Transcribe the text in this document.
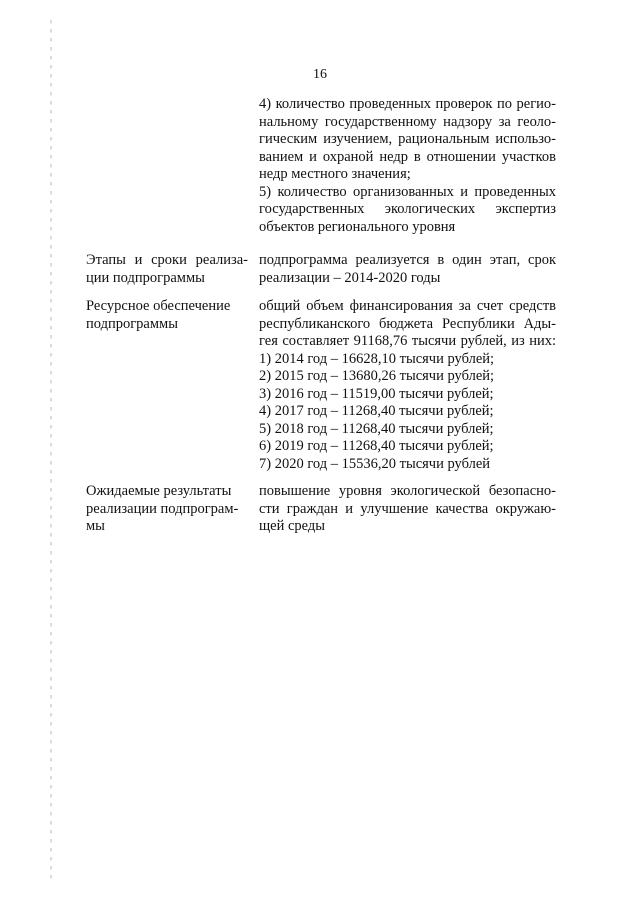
16
4) количество проведенных проверок по регио-
нальному государственному надзору за геоло-
гическим изучением, рациональным использо-
ванием и охраной недр в отношении участков
недр местного значения;
5) количество организованных и проведенных
государственных экологических экспертиз
объектов регионального уровня
Этапы и сроки реализа-
ции подпрограммы
подпрограмма реализуется в один этап, срок
реализации – 2014-2020 годы
Ресурсное обеспечение
подпрограммы
общий объем финансирования за счет средств
республиканского бюджета Республики Ады-
гея составляет 91168,76 тысячи рублей, из них:
1) 2014 год – 16628,10 тысячи рублей;
2) 2015 год – 13680,26 тысячи рублей;
3) 2016 год – 11519,00 тысячи рублей;
4) 2017 год – 11268,40 тысячи рублей;
5) 2018 год – 11268,40 тысячи рублей;
6) 2019 год – 11268,40 тысячи рублей;
7) 2020 год – 15536,20 тысячи рублей
Ожидаемые результаты
реализации подпрограм-
мы
повышение уровня экологической безопасно-
сти граждан и улучшение качества окружаю-
щей среды
